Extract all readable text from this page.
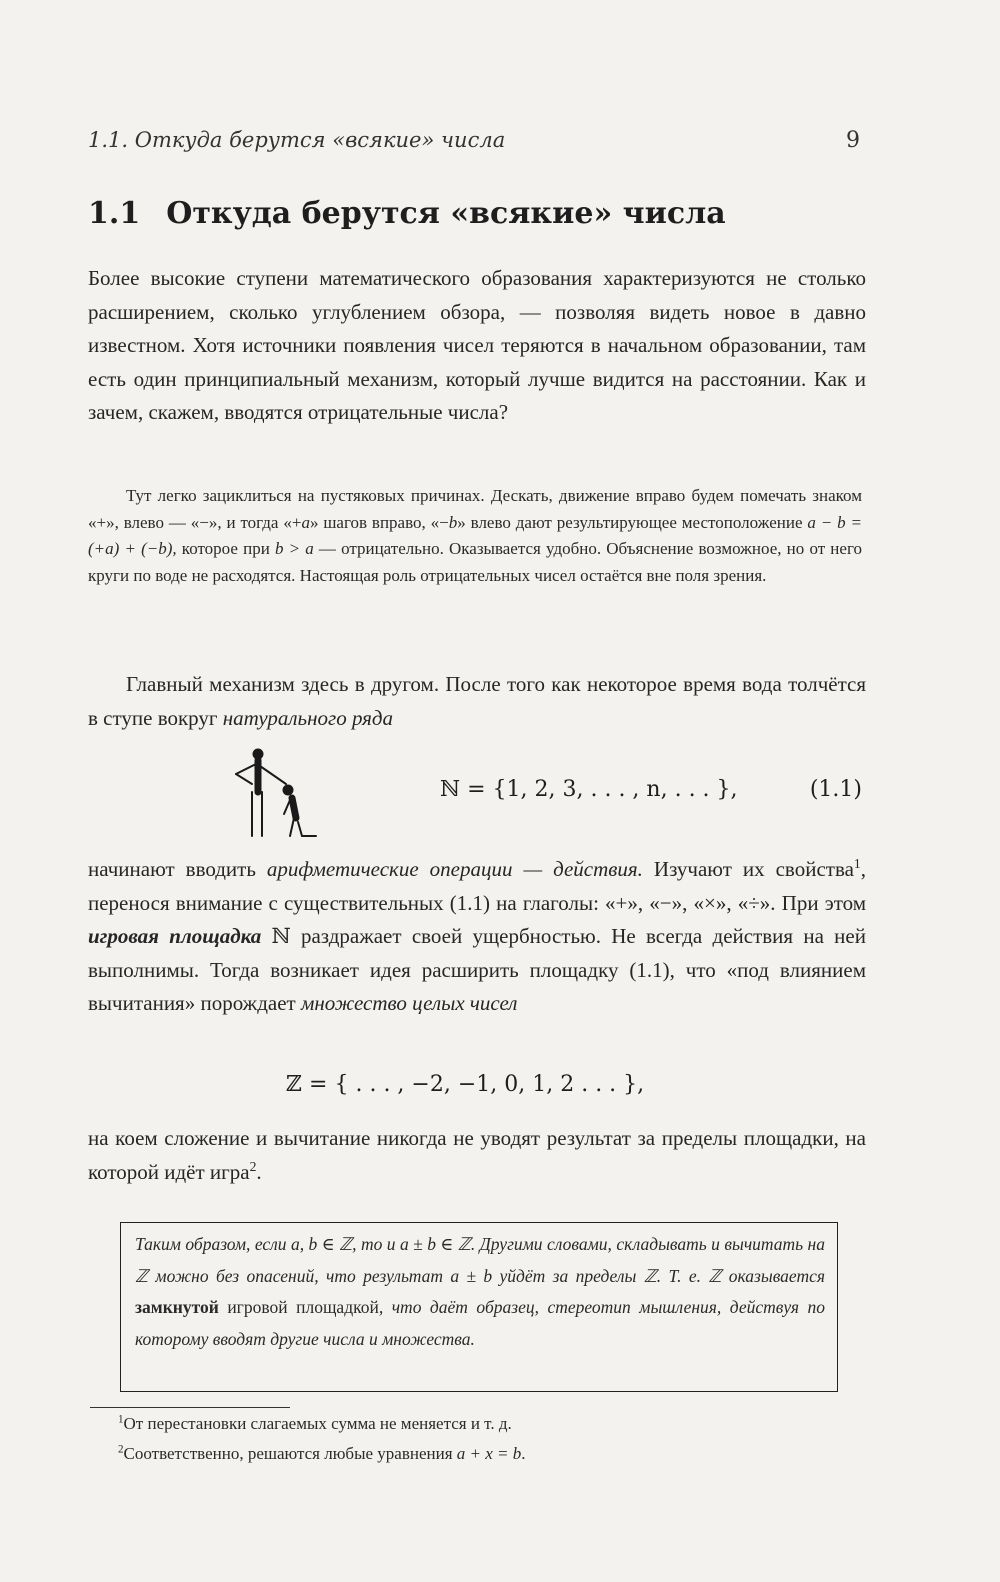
1.1. Откуда берутся «всякие» числа	9
1.1 Откуда берутся «всякие» числа
Более высокие ступени математического образования характеризуются не столько расширением, сколько углублением обзора, — позволяя видеть новое в давно известном. Хотя источники появления чисел теряются в начальном образовании, там есть один принципиальный механизм, который лучше видится на расстоянии. Как и зачем, скажем, вводятся отрицательные числа?
Тут легко зациклиться на пустяковых причинах. Дескать, движение вправо будем помечать знаком «+», влево — «−», и тогда «+a» шагов вправо, «−b» влево дают результирующее местоположение a − b = (+a) + (−b), которое при b > a — отрицательно. Оказывается удобно. Объяснение возможное, но от него круги по воде не расходятся. Настоящая роль отрицательных чисел остаётся вне поля зрения.
Главный механизм здесь в другом. После того как некоторое время вода толчётся в ступе вокруг натурального ряда
ℕ = {1, 2, 3, . . . , n, . . . },	(1.1)
начинают вводить арифметические операции — действия. Изучают их свойства$^1$, перенося внимание с существительных (1.1) на глаголы: «+», «−», «×», «÷». При этом игровая площадка ℕ раздражает своей ущербностью. Не всегда действия на ней выполнимы. Тогда возникает идея расширить площадку (1.1), что «под влиянием вычитания» порождает множество целых чисел
ℤ = { . . . , −2, −1, 0, 1, 2 . . . },
на коем сложение и вычитание никогда не уводят результат за пределы площадки, на которой идёт игра$^2$.
Таким образом, если a, b ∈ ℤ, то и a ± b ∈ ℤ. Другими словами, складывать и вычитать на ℤ можно без опасений, что результат a ± b уйдёт за пределы ℤ. Т. е. ℤ оказывается замкнутой игровой площадкой, что даёт образец, стереотип мышления, действуя по которому вводят другие числа и множества.
$^1$От перестановки слагаемых сумма не меняется и т. д.
$^2$Соответственно, решаются любые уравнения a + x = b.
